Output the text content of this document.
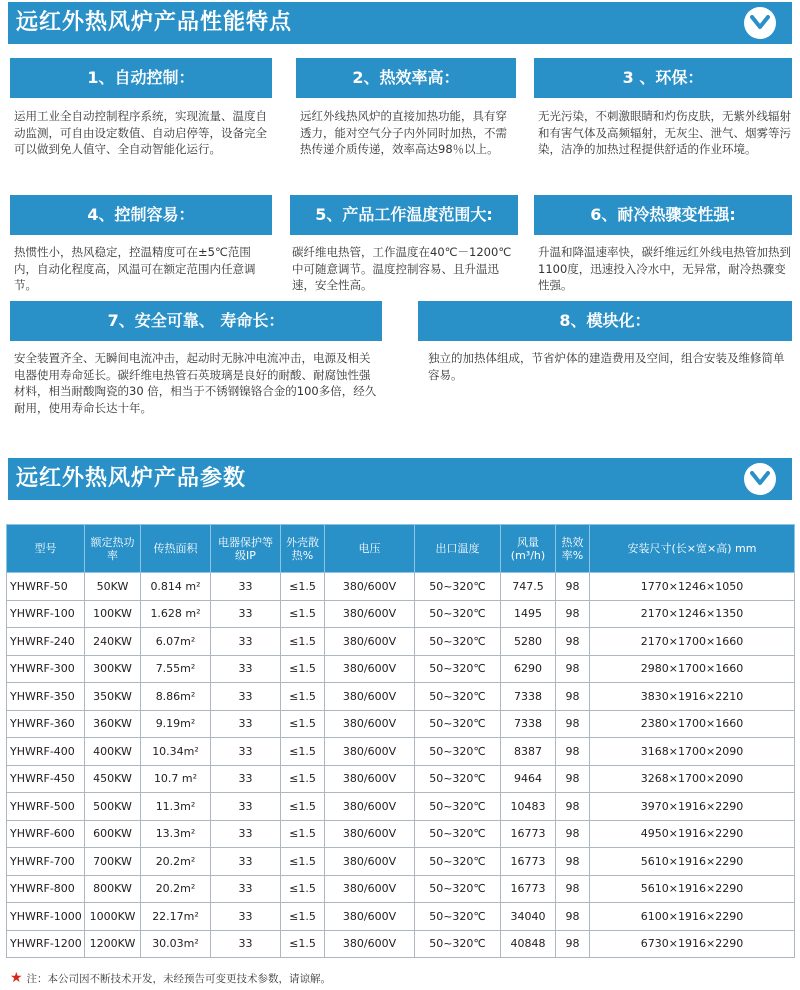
远红外热风炉产品性能特点
1、自动控制：
运用工业全自动控制程序系统，实现流量、温度自动监测，可自由设定数值、自动启停等，设备完全可以做到免人值守、全自动智能化运行。
2、热效率高：
远红外线热风炉的直接加热功能，具有穿透力，能对空气分子内外同时加热，不需热传递介质传递，效率高达98％以上。
3 、环保：
无光污染，不刺激眼睛和灼伤皮肤，无紫外线辐射和有害气体及高频辐射，无灰尘、泄气、烟雾等污染，洁净的加热过程提供舒适的作业环境。
4、控制容易：
热惯性小，热风稳定，控温精度可在±5℃范围内，自动化程度高，风温可在额定范围内任意调节。
5、产品工作温度范围大:
碳纤维电热管，工作温度在40℃－1200℃中可随意调节。温度控制容易、且升温迅速，安全性高。
6、耐冷热骤变性强:
升温和降温速率快，碳纤维远红外线电热管加热到1100度，迅速投入冷水中，无异常，耐冷热骤变性强。
7、安全可靠、 寿命长：
安全装置齐全、无瞬间电流冲击，起动时无脉冲电流冲击，电源及相关电器使用寿命延长。碳纤维电热管石英玻璃是良好的耐酸、耐腐蚀性强材料，相当耐酸陶瓷的30 倍，相当于不锈钢镍铬合金的100多倍，经久耐用，使用寿命长达十年。
8、模块化：
独立的加热体组成，节省炉体的建造费用及空间，组合安装及维修简单容易。
远红外热风炉产品参数
型号	额定热功率	传热面积	电器保护等级IP	外壳散热%	电压	出口温度	风量(m³/h)	热效率%	安装尺寸(长×宽×高) mm
YHWRF-50	50KW	0.814 m²	33	≤1.5	380/600V	50~320℃	747.5	98	1770×1246×1050
YHWRF-100	100KW	1.628 m²	33	≤1.5	380/600V	50~320℃	1495	98	2170×1246×1350
YHWRF-240	240KW	6.07m²	33	≤1.5	380/600V	50~320℃	5280	98	2170×1700×1660
YHWRF-300	300KW	7.55m²	33	≤1.5	380/600V	50~320℃	6290	98	2980×1700×1660
YHWRF-350	350KW	8.86m²	33	≤1.5	380/600V	50~320℃	7338	98	3830×1916×2210
YHWRF-360	360KW	9.19m²	33	≤1.5	380/600V	50~320℃	7338	98	2380×1700×1660
YHWRF-400	400KW	10.34m²	33	≤1.5	380/600V	50~320℃	8387	98	3168×1700×2090
YHWRF-450	450KW	10.7 m²	33	≤1.5	380/600V	50~320℃	9464	98	3268×1700×2090
YHWRF-500	500KW	11.3m²	33	≤1.5	380/600V	50~320℃	10483	98	3970×1916×2290
YHWRF-600	600KW	13.3m²	33	≤1.5	380/600V	50~320℃	16773	98	4950×1916×2290
YHWRF-700	700KW	20.2m²	33	≤1.5	380/600V	50~320℃	16773	98	5610×1916×2290
YHWRF-800	800KW	20.2m²	33	≤1.5	380/600V	50~320℃	16773	98	5610×1916×2290
YHWRF-1000	1000KW	22.17m²	33	≤1.5	380/600V	50~320℃	34040	98	6100×1916×2290
YHWRF-1200	1200KW	30.03m²	33	≤1.5	380/600V	50~320℃	40848	98	6730×1916×2290
★ 注：本公司因不断技术开发，未经预告可变更技术参数，请谅解。
